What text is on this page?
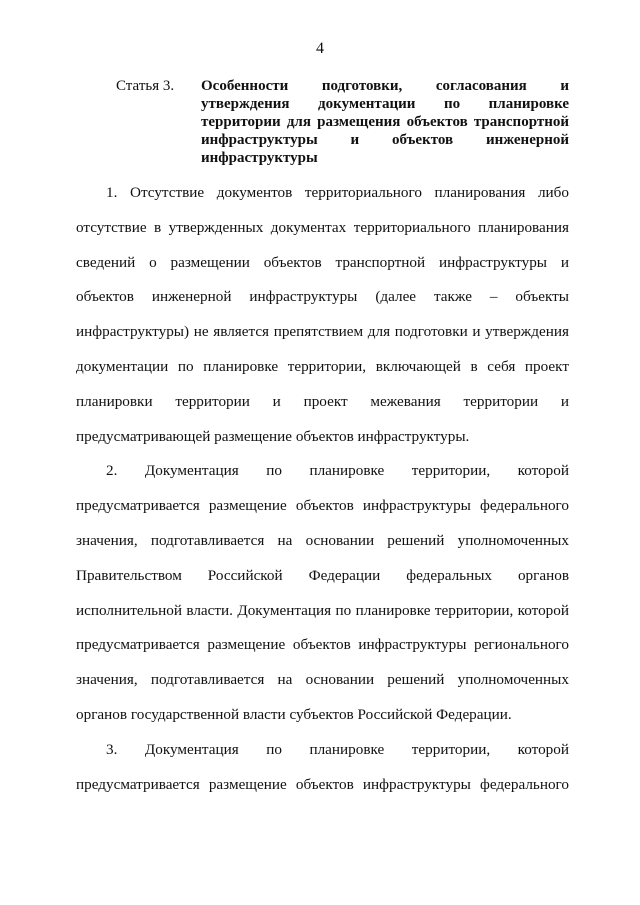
4
Статья 3. Особенности подготовки, согласования и
утверждения документации по планировке
территории для размещения объектов транспортной
инфраструктуры и объектов инженерной
инфраструктуры
1. Отсутствие документов территориального планирования либо
отсутствие в утвержденных документах территориального планирования
сведений о размещении объектов транспортной инфраструктуры и
объектов инженерной инфраструктуры (далее также – объекты
инфраструктуры) не является препятствием для подготовки и утверждения
документации по планировке территории, включающей в себя проект
планировки территории и проект межевания территории и
предусматривающей размещение объектов инфраструктуры.
2. Документация по планировке территории, которой
предусматривается размещение объектов инфраструктуры федерального
значения, подготавливается на основании решений уполномоченных
Правительством Российской Федерации федеральных органов
исполнительной власти. Документация по планировке территории, которой
предусматривается размещение объектов инфраструктуры регионального
значения, подготавливается на основании решений уполномоченных
органов государственной власти субъектов Российской Федерации.
3. Документация по планировке территории, которой
предусматривается размещение объектов инфраструктуры федерального
